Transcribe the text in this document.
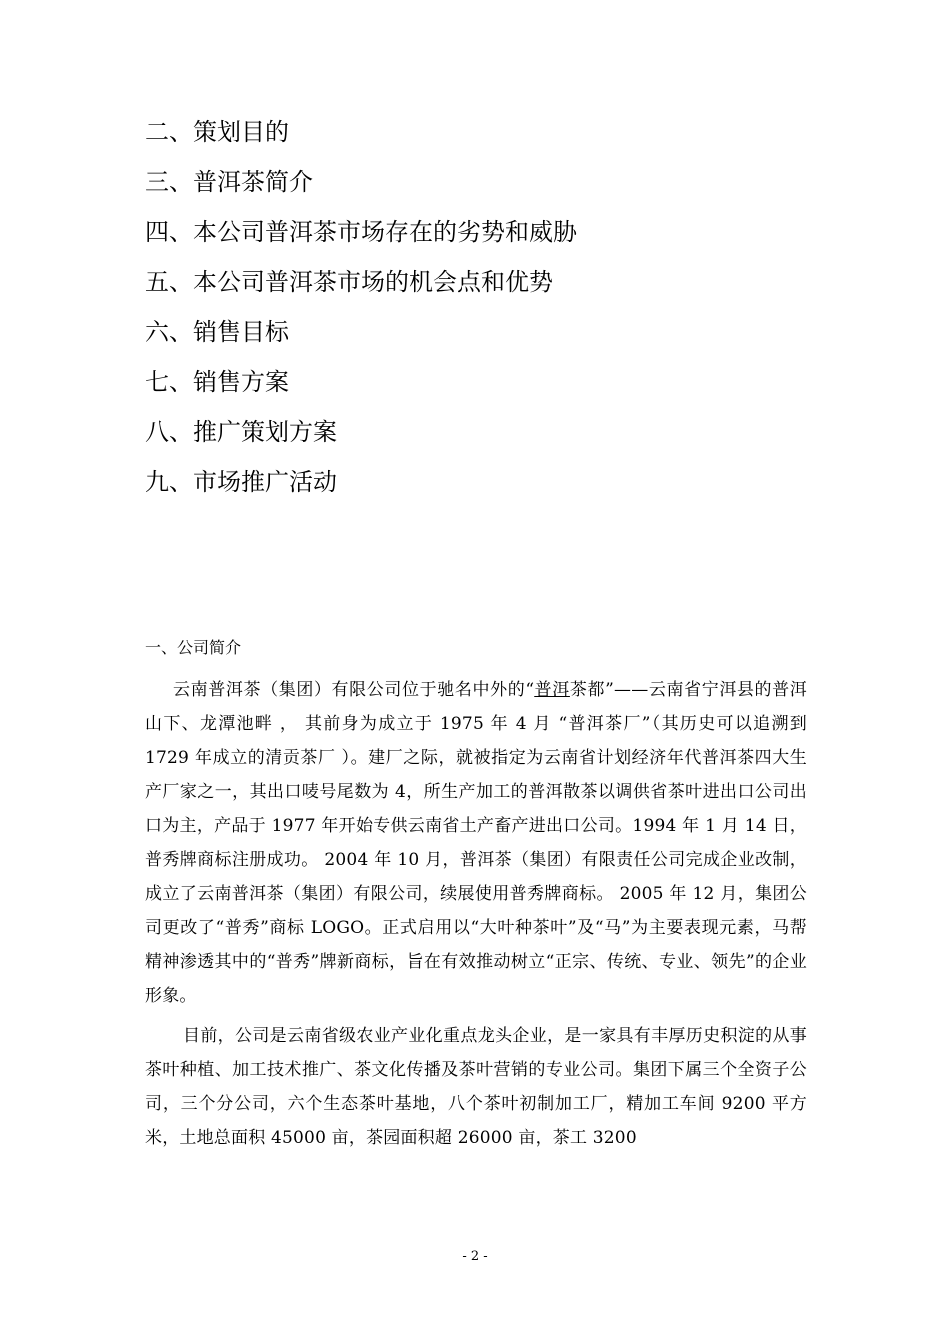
二、策划目的
三、普洱茶简介
四、本公司普洱茶市场存在的劣势和威胁
五、本公司普洱茶市场的机会点和优势
六、销售目标
七、销售方案
八、推广策划方案
九、市场推广活动
一、公司简介

云南普洱茶（集团）有限公司位于驰名中外的“普洱茶都”——云南省宁洱县的普洱山下、龙潭池畔 ， 其前身为成立于 1975 年 4 月 “普洱茶厂”（其历史可以追溯到1729 年成立的清贡茶厂 ）。建厂之际，就被指定为云南省计划经济年代普洱茶四大生产厂家之一，其出口唛号尾数为 4，所生产加工的普洱散茶以调供省茶叶进出口公司出口为主，产品于 1977 年开始专供云南省土产畜产进出口公司。1994 年 1 月 14 日，普秀牌商标注册成功。 2004 年 10 月，普洱茶（集团）有限责任公司完成企业改制，成立了云南普洱茶（集团）有限公司，续展使用普秀牌商标。 2005 年 12 月，集团公司更改了“普秀”商标 LOGO。正式启用以“大叶种茶叶”及“马”为主要表现元素，马帮精神渗透其中的“普秀”牌新商标，旨在有效推动树立“正宗、传统、专业、领先”的企业形象。

目前，公司是云南省级农业产业化重点龙头企业，是一家具有丰厚历史积淀的从事茶叶种植、加工技术推广、茶文化传播及茶叶营销的专业公司。集团下属三个全资子公司，三个分公司，六个生态茶叶基地，八个茶叶初制加工厂，精加工车间 9200 平方米，土地总面积 45000 亩，茶园面积超 26000 亩，茶工 3200

- 2 -
